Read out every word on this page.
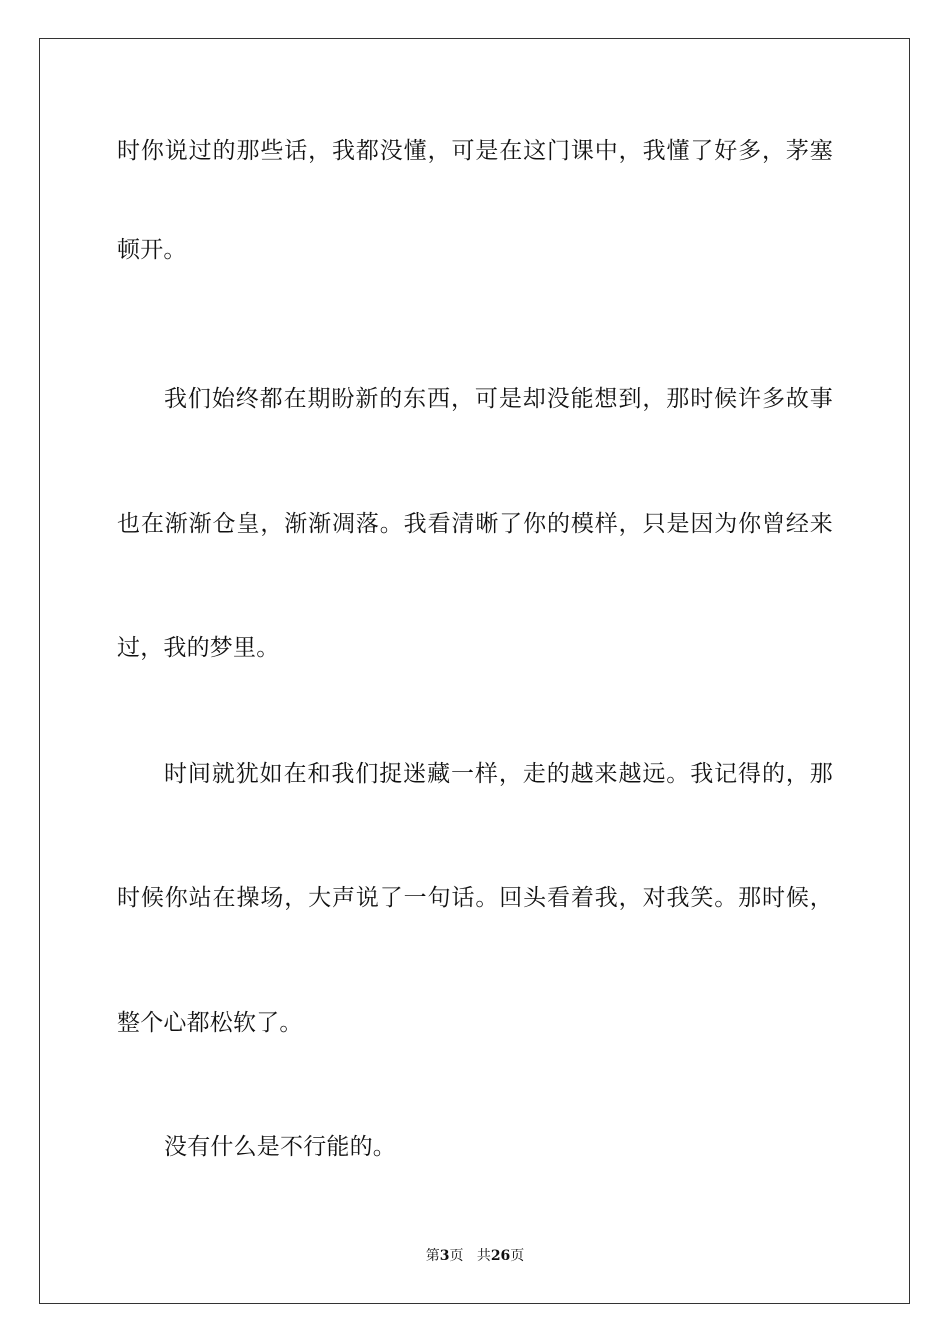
时你说过的那些话，我都没懂，可是在这门课中，我懂了好多，茅塞
顿开。
我们始终都在期盼新的东西，可是却没能想到，那时候许多故事
也在渐渐仓皇，渐渐凋落。我看清晰了你的模样，只是因为你曾经来
过，我的梦里。
时间就犹如在和我们捉迷藏一样，走的越来越远。我记得的，那
时候你站在操场，大声说了一句话。回头看着我，对我笑。那时候，
整个心都松软了。
没有什么是不行能的。
第3页 共26页
